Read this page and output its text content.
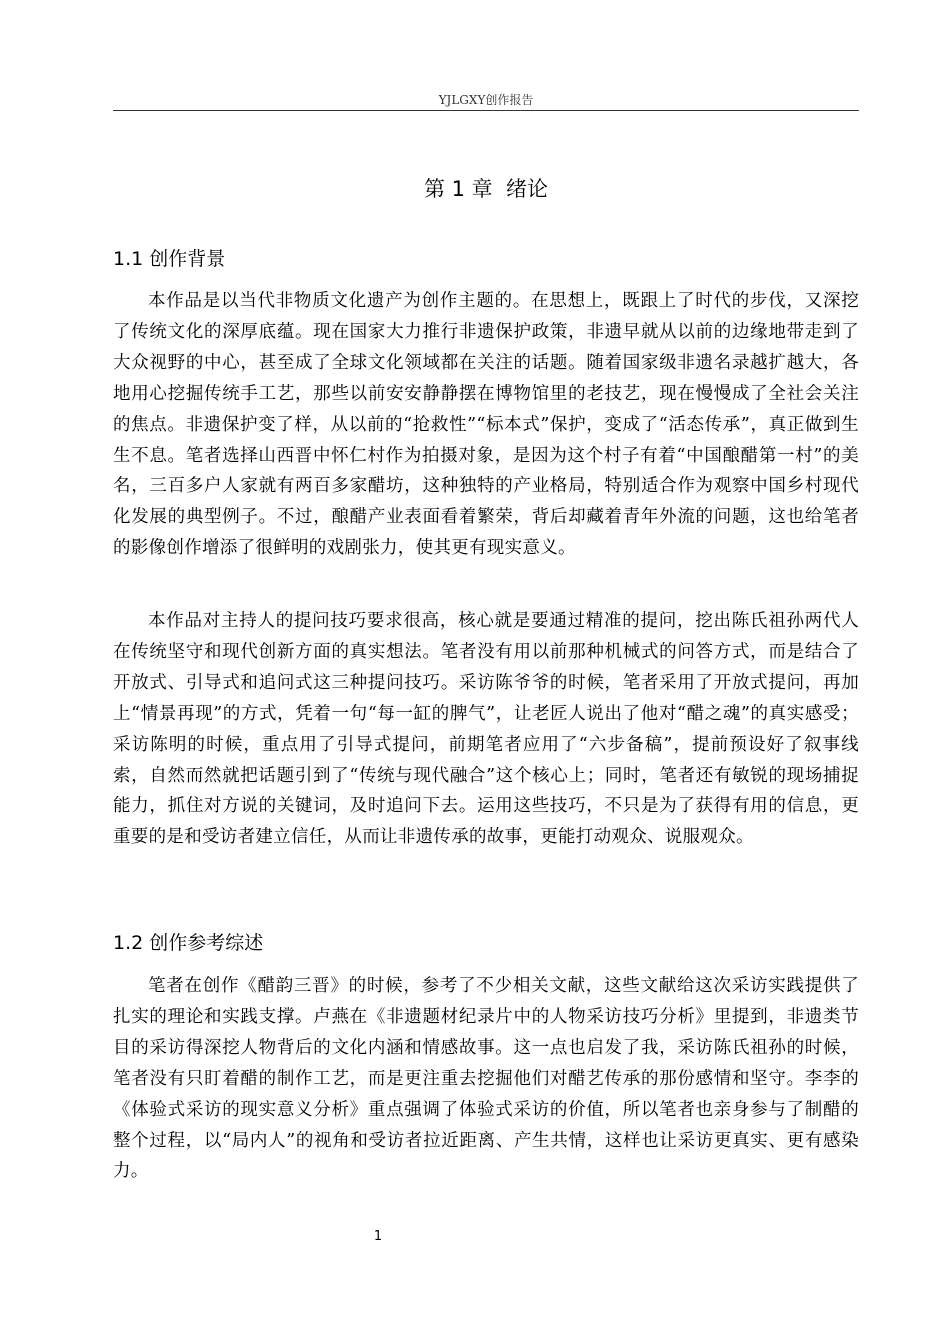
YJLGXY创作报告
第 1 章  绪论
1.1 创作背景

本作品是以当代非物质文化遗产为创作主题的。在思想上，既跟上了时代的步伐，又深挖了传统文化的深厚底蕴。现在国家大力推行非遗保护政策，非遗早就从以前的边缘地带走到了大众视野的中心，甚至成了全球文化领域都在关注的话题。随着国家级非遗名录越扩越大，各地用心挖掘传统手工艺，那些以前安安静静摆在博物馆里的老技艺，现在慢慢成了全社会关注的焦点。非遗保护变了样，从以前的“抢救性”“标本式”保护，变成了“活态传承”，真正做到生生不息。笔者选择山西晋中怀仁村作为拍摄对象，是因为这个村子有着“中国酿醋第一村”的美名，三百多户人家就有两百多家醋坊，这种独特的产业格局，特别适合作为观察中国乡村现代化发展的典型例子。不过，酿醋产业表面看着繁荣，背后却藏着青年外流的问题，这也给笔者的影像创作增添了很鲜明的戏剧张力，使其更有现实意义。

本作品对主持人的提问技巧要求很高，核心就是要通过精准的提问，挖出陈氏祖孙两代人在传统坚守和现代创新方面的真实想法。笔者没有用以前那种机械式的问答方式，而是结合了开放式、引导式和追问式这三种提问技巧。采访陈爷爷的时候，笔者采用了开放式提问，再加上“情景再现”的方式，凭着一句“每一缸的脾气”，让老匠人说出了他对“醋之魂”的真实感受；采访陈明的时候，重点用了引导式提问，前期笔者应用了“六步备稿”，提前预设好了叙事线索，自然而然就把话题引到了“传统与现代融合”这个核心上；同时，笔者还有敏锐的现场捕捉能力，抓住对方说的关键词，及时追问下去。运用这些技巧，不只是为了获得有用的信息，更重要的是和受访者建立信任，从而让非遗传承的故事，更能打动观众、说服观众。

1.2 创作参考综述

笔者在创作《醋韵三晋》的时候，参考了不少相关文献，这些文献给这次采访实践提供了扎实的理论和实践支撑。卢燕在《非遗题材纪录片中的人物采访技巧分析》里提到，非遗类节目的采访得深挖人物背后的文化内涵和情感故事。这一点也启发了我，采访陈氏祖孙的时候，笔者没有只盯着醋的制作工艺，而是更注重去挖掘他们对醋艺传承的那份感情和坚守。李李的《体验式采访的现实意义分析》重点强调了体验式采访的价值，所以笔者也亲身参与了制醋的整个过程，以“局内人”的视角和受访者拉近距离、产生共情，这样也让采访更真实、更有感染力。

1
